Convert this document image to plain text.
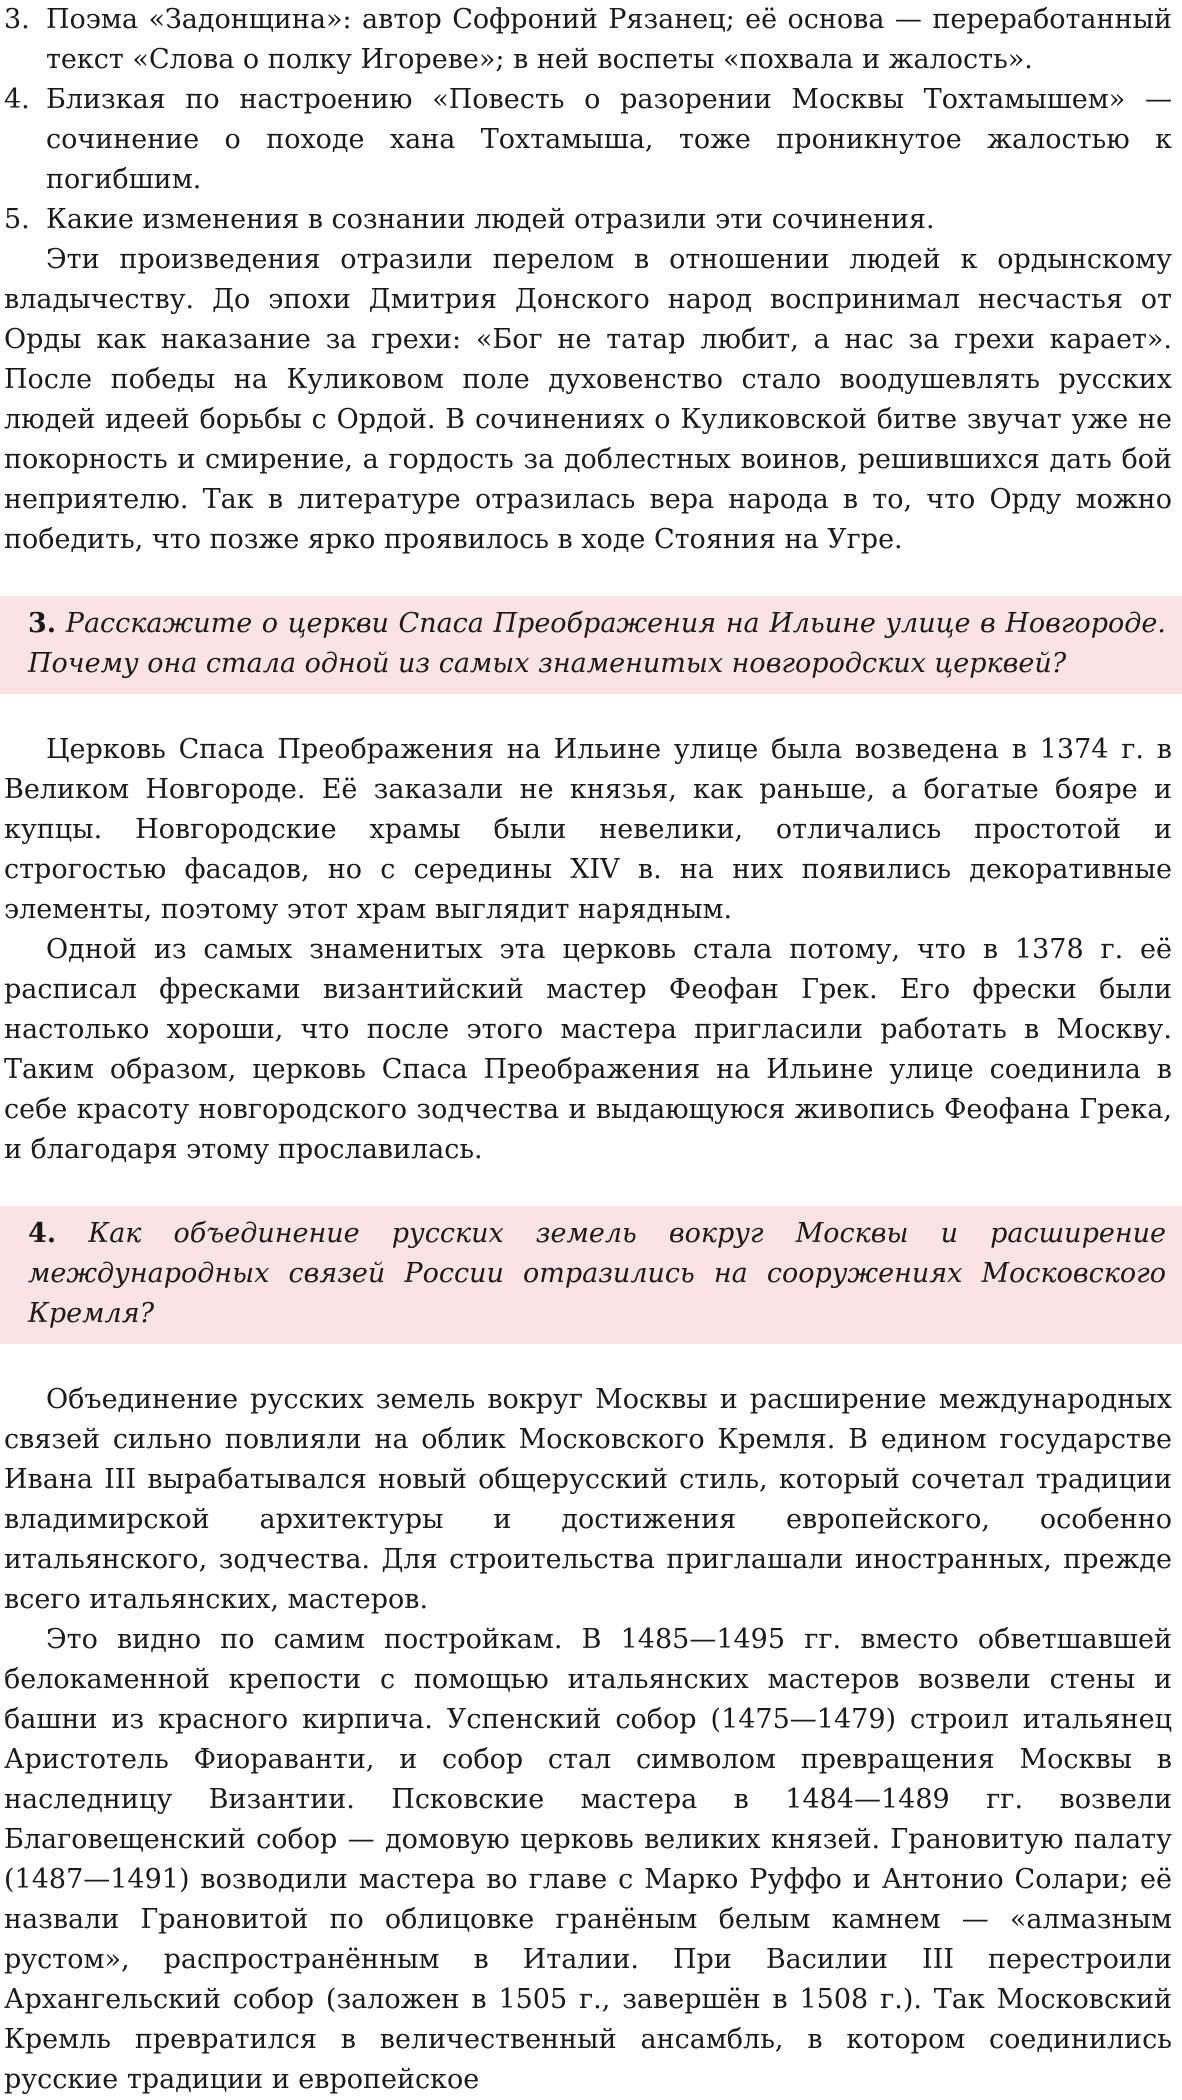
3. Поэма «Задонщина»: автор Софроний Рязанец; её основа — переработанный текст «Слова о полку Игореве»; в ней воспеты «похвала и жалость».
4. Близкая по настроению «Повесть о разорении Москвы Тохтамышем» — сочинение о походе хана Тохтамыша, тоже проникнутое жалостью к погибшим.
5. Какие изменения в сознании людей отразили эти сочинения.

Эти произведения отразили перелом в отношении людей к ордынскому владычеству. До эпохи Дмитрия Донского народ воспринимал несчастья от Орды как наказание за грехи: «Бог не татар любит, а нас за грехи карает». После победы на Куликовом поле духовенство стало воодушевлять русских людей идеей борьбы с Ордой. В сочинениях о Куликовской битве звучат уже не покорность и смирение, а гордость за доблестных воинов, решившихся дать бой неприятелю. Так в литературе отразилась вера народа в то, что Орду можно победить, что позже ярко проявилось в ходе Стояния на Угре.

3. Расскажите о церкви Спаса Преображения на Ильине улице в Новгороде. Почему она стала одной из самых знаменитых новгородских церквей?

Церковь Спаса Преображения на Ильине улице была возведена в 1374 г. в Великом Новгороде. Её заказали не князья, как раньше, а богатые бояре и купцы. Новгородские храмы были невелики, отличались простотой и строгостью фасадов, но с середины XIV в. на них появились декоративные элементы, поэтому этот храм выглядит нарядным.

Одной из самых знаменитых эта церковь стала потому, что в 1378 г. её расписал фресками византийский мастер Феофан Грек. Его фрески были настолько хороши, что после этого мастера пригласили работать в Москву. Таким образом, церковь Спаса Преображения на Ильине улице соединила в себе красоту новгородского зодчества и выдающуюся живопись Феофана Грека, и благодаря этому прославилась.

4. Как объединение русских земель вокруг Москвы и расширение международных связей России отразились на сооружениях Московского Кремля?

Объединение русских земель вокруг Москвы и расширение международных связей сильно повлияли на облик Московского Кремля. В едином государстве Ивана III вырабатывался новый общерусский стиль, который сочетал традиции владимирской архитектуры и достижения европейского, особенно итальянского, зодчества. Для строительства приглашали иностранных, прежде всего итальянских, мастеров.

Это видно по самим постройкам. В 1485—1495 гг. вместо обветшавшей белокаменной крепости с помощью итальянских мастеров возвели стены и башни из красного кирпича. Успенский собор (1475—1479) строил итальянец Аристотель Фиораванти, и собор стал символом превращения Москвы в наследницу Византии. Псковские мастера в 1484—1489 гг. возвели Благовещенский собор — домовую церковь великих князей. Грановитую палату (1487—1491) возводили мастера во главе с Марко Руффо и Антонио Солари; её назвали Грановитой по облицовке гранёным белым камнем — «алмазным рустом», распространённым в Италии. При Василии III перестроили Архангельский собор (заложен в 1505 г., завершён в 1508 г.). Так Московский Кремль превратился в величественный ансамбль, в котором соединились русские традиции и европейское
